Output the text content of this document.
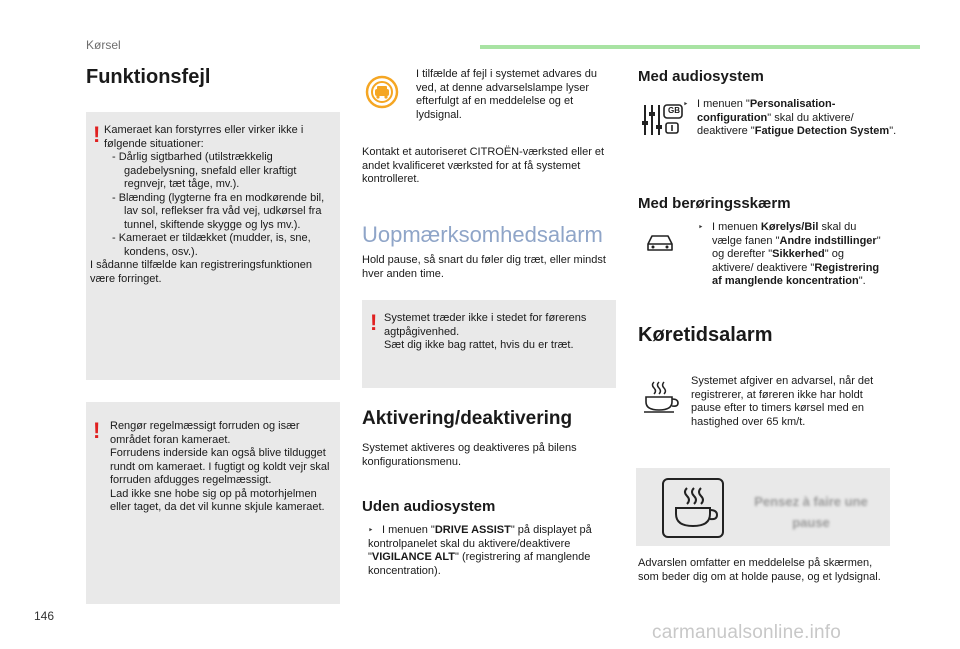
Kørsel
Funktionsfejl
! Kameraet kan forstyrres eller virker ikke i følgende situationer:
- Dårlig sigtbarhed (utilstrækkelig gadebelysning, snefald eller kraftigt regnvejr, tæt tåge, mv.).
- Blænding (lygterne fra en modkørende bil, lav sol, reflekser fra våd vej, udkørsel fra tunnel, skiftende skygge og lys mv.).
- Kameraet er tildækket (mudder, is, sne, kondens, osv.).
I sådanne tilfælde kan registreringsfunktionen være forringet.
! Rengør regelmæssigt forruden og især området foran kameraet.
Forrudens inderside kan også blive tildugget rundt om kameraet. I fugtigt og koldt vejr skal forruden afdugges regelmæssigt.
Lad ikke sne hobe sig op på motorhjelmen eller taget, da det vil kunne skjule kameraet.
I tilfælde af fejl i systemet advares du ved, at denne advarselslampe lyser efterfulgt af en meddelelse og et lydsignal.
Kontakt et autoriseret CITROËN-værksted eller et andet kvalificeret værksted for at få systemet kontrolleret.
Uopmærksomhedsalarm
Hold pause, så snart du føler dig træt, eller mindst hver anden time.
! Systemet træder ikke i stedet for førerens agtpågivenhed.
Sæt dig ikke bag rattet, hvis du er træt.
Aktivering/deaktivering
Systemet aktiveres og deaktiveres på bilens konfigurationsmenu.
Uden audiosystem
‣ I menuen "DRIVE ASSIST" på displayet på kontrolpanelet skal du aktivere/deaktivere "VIGILANCE ALT" (registrering af manglende koncentration).
Med audiosystem
GB
‣ I menuen "Personalisation-configuration" skal du aktivere/ deaktivere "Fatigue Detection System".
Med berøringsskærm
‣ I menuen Kørelys/Bil skal du vælge fanen "Andre indstillinger" og derefter "Sikkerhed" og aktivere/ deaktivere "Registrering af manglende koncentration".
Køretidsalarm
Systemet afgiver en advarsel, når det registrerer, at føreren ikke har holdt pause efter to timers kørsel med en hastighed over 65 km/t.
Pensez à faire une pause
Advarslen omfatter en meddelelse på skærmen, som beder dig om at holde pause, og et lydsignal.
146
carmanualsonline.info
